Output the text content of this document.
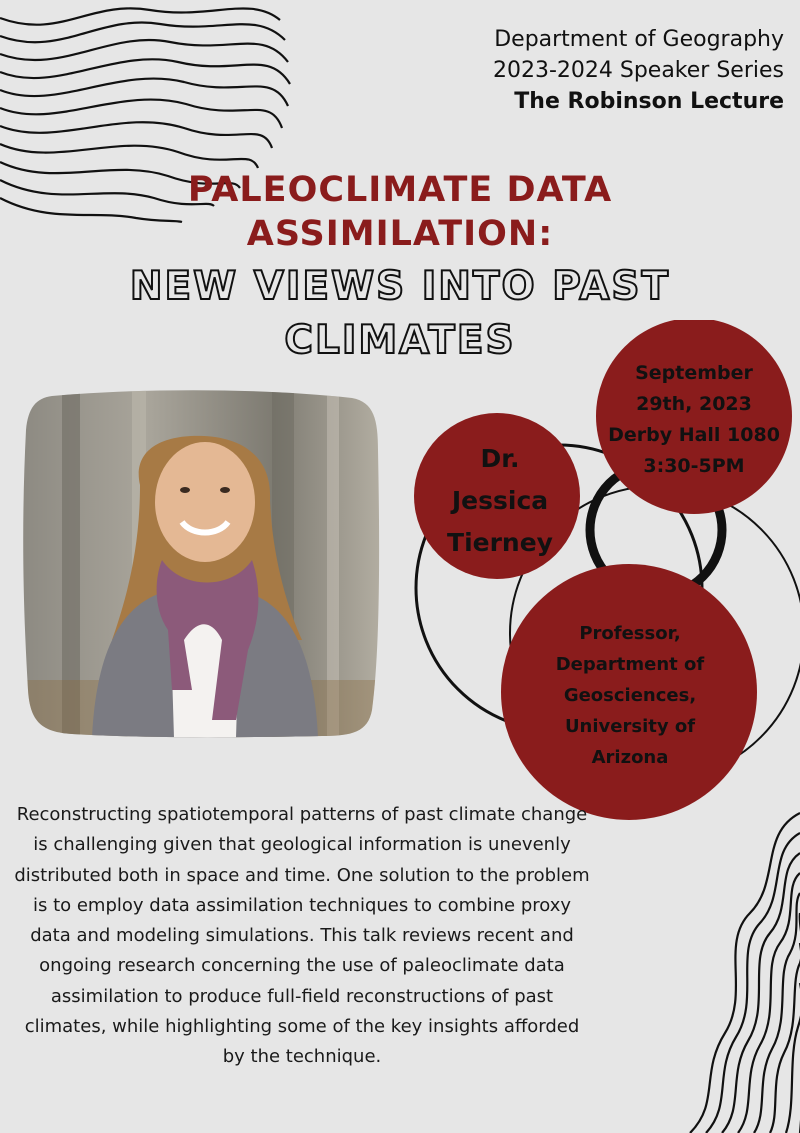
Department of Geography
2023-2024 Speaker Series
The Robinson Lecture
PALEOCLIMATE DATA
ASSIMILATION:
NEW VIEWS INTO PAST
CLIMATES
Dr.
Jessica
Tierney
September
29th, 2023
Derby Hall 1080
3:30-5PM
Professor,
Department of
Geosciences,
University of
Arizona
Reconstructing spatiotemporal patterns of past climate change is challenging given that geological information is unevenly distributed both in space and time. One solution to the problem is to employ data assimilation techniques to combine proxy data and modeling simulations. This talk reviews recent and ongoing research concerning the use of paleoclimate data assimilation to produce full-field reconstructions of past climates, while highlighting some of the key insights afforded by the technique.
